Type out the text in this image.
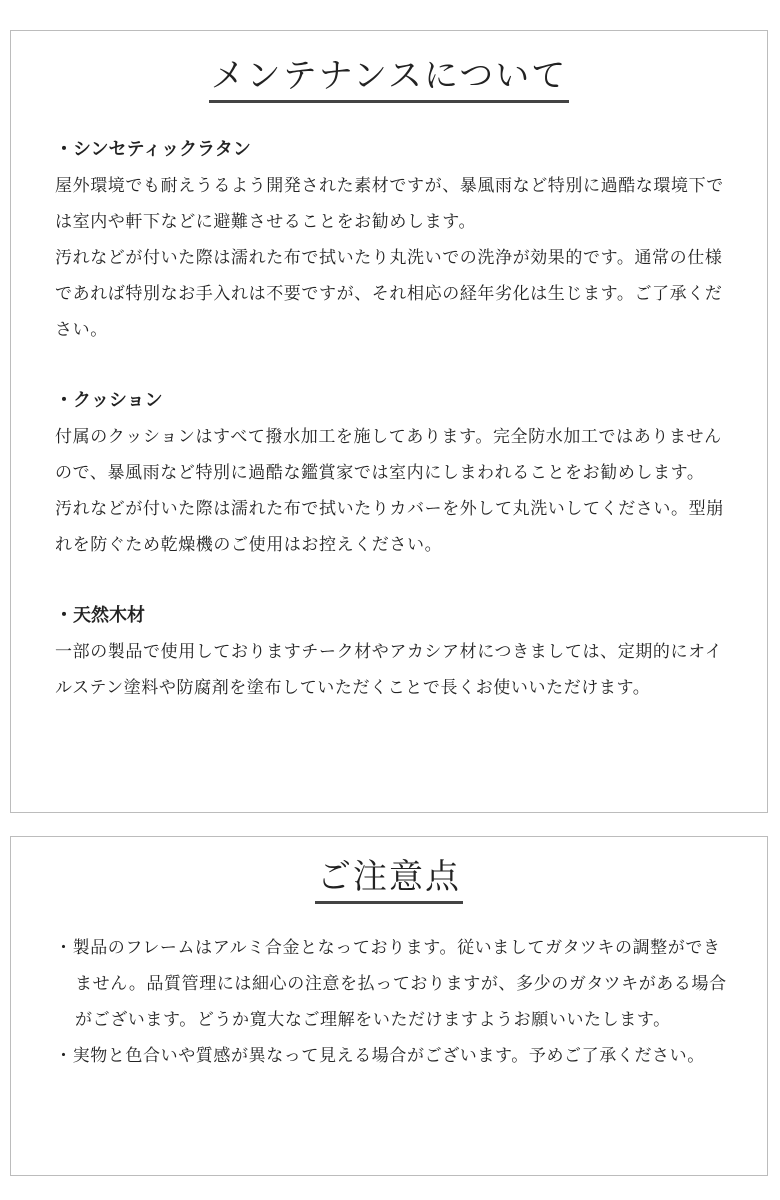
メンテナンスについて

・シンセティックラタン

屋外環境でも耐えうるよう開発された素材ですが、暴風雨など特別に過酷な環境下では室内や軒下などに避難させることをお勧めします。

汚れなどが付いた際は濡れた布で拭いたり丸洗いでの洗浄が効果的です。通常の仕様であれば特別なお手入れは不要ですが、それ相応の経年劣化は生じます。ご了承ください。

・クッション

付属のクッションはすべて撥水加工を施してあります。完全防水加工ではありませんので、暴風雨など特別に過酷な鑑賞家では室内にしまわれることをお勧めします。

汚れなどが付いた際は濡れた布で拭いたりカバーを外して丸洗いしてください。型崩れを防ぐため乾燥機のご使用はお控えください。

・天然木材

一部の製品で使用しておりますチーク材やアカシア材につきましては、定期的にオイルステン塗料や防腐剤を塗布していただくことで長くお使いいただけます。

ご注意点

・製品のフレームはアルミ合金となっております。従いましてガタツキの調整ができません。品質管理には細心の注意を払っておりますが、多少のガタツキがある場合がございます。どうか寛大なご理解をいただけますようお願いいたします。

・実物と色合いや質感が異なって見える場合がございます。予めご了承ください。
